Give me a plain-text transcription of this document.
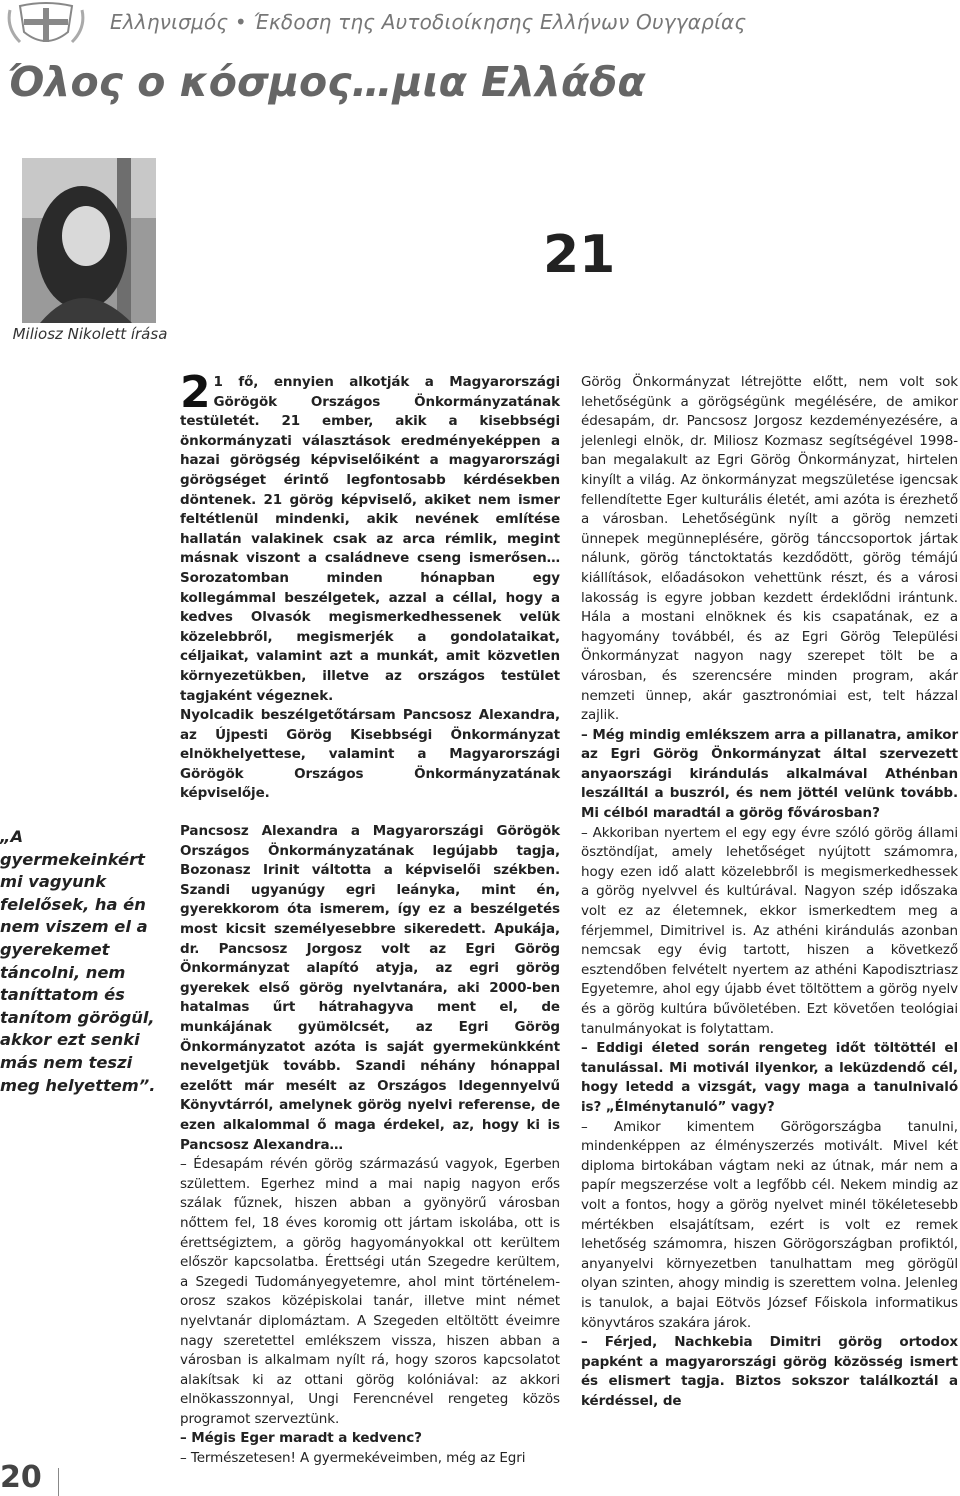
Ελληνισμός • Έκδοση της Αυτοδιοίκησης Ελλήνων Ουγγαρίας
Όλος ο κόσμος…μια Ελλάδα
Miliosz Nikolett írása
21
„A gyermekeinkért mi vagyunk felelősek, ha én nem viszem el a gyerekemet táncolni, nem taníttatom és tanítom görögül, akkor ezt senki más nem teszi meg helyettem”.

2 1 fő, ennyien alkotják a Magyarországi Görögök Országos Önkormányzatának testületét. 21 ember, akik a kisebbségi önkormányzati választások eredményeképpen a hazai görögség képviselőiként a magyarországi görögséget érintő legfontosabb kérdésekben döntenek. 21 görög képviselő, akiket nem ismer feltétlenül mindenki, akik nevének említése hallatán valakinek csak az arca rémlik, megint másnak viszont a családneve cseng ismerősen… Sorozatomban minden hónapban egy kollegámmal beszélgetek, azzal a céllal, hogy a kedves Olvasók megismerkedhessenek velük közelebbről, megismerjék a gondolataikat, céljaikat, valamint azt a munkát, amit közvetlen környezetükben, illetve az országos testület tagjaként végeznek.

Nyolcadik beszélgetőtársam Pancsosz Alexandra, az Újpesti Görög Kisebbségi Önkormányzat elnökhelyettese, valamint a Magyarországi Görögök Országos Önkormányzatának képviselője.

Pancsosz Alexandra a Magyarországi Görögök Országos Önkormányzatának legújabb tagja, Bozonasz Irinit váltotta a képviselői székben. Szandi ugyanúgy egri leányka, mint én, gyerekkorom óta ismerem, így ez a beszélgetés most kicsit személyesebbre sikeredett. Apukája, dr. Pancsosz Jorgosz volt az Egri Görög Önkormányzat alapító atyja, az egri görög gyerekek első görög nyelvtanára, aki 2000-ben hatalmas űrt hátrahagyva ment el, de munkájának gyümölcsét, az Egri Görög Önkormányzatot azóta is saját gyermekünkként nevelgetjük tovább. Szandi néhány hónappal ezelőtt már mesélt az Országos Idegennyelvű Könyvtárról, amelynek görög nyelvi referense, de ezen alkalommal ő maga érdekel, az, hogy ki is Pancsosz Alexandra…

– Édesapám révén görög származású vagyok, Egerben születtem. Egerhez mind a mai napig nagyon erős szálak fűznek, hiszen abban a gyönyörű városban nőttem fel, 18 éves koromig ott jártam iskolába, ott is érettségiztem, a görög hagyományokkal ott kerültem először kapcsolatba. Érettségi után Szegedre kerültem, a Szegedi Tudományegyetemre, ahol mint történelem-orosz szakos középiskolai tanár, illetve mint német nyelvtanár diplomáztam. A Szegeden eltöltött éveimre nagy szeretettel emlékszem vissza, hiszen abban a városban is alkalmam nyílt rá, hogy szoros kapcsolatot alakítsak ki az ottani görög kolóniával: az akkori elnökasszonnyal, Ungi Ferencnével rengeteg közös programot szerveztünk.

– Mégis Eger maradt a kedvenc?

– Természetesen! A gyermekéveimben, még az Egri

Görög Önkormányzat létrejötte előtt, nem volt sok lehetőségünk a görögségünk megélésére, de amikor édesapám, dr. Pancsosz Jorgosz kezdeményezésére, a jelenlegi elnök, dr. Miliosz Kozmasz segítségével 1998-ban megalakult az Egri Görög Önkormányzat, hirtelen kinyílt a világ. Az önkormányzat megszületése igencsak fellendítette Eger kulturális életét, ami azóta is érezhető a városban. Lehetőségünk nyílt a görög nemzeti ünnepek megünneplésére, görög tánccsoportok jártak nálunk, görög tánctoktatás kezdődött, görög témájú kiállítások, előadásokon vehettünk részt, és a városi lakosság is egyre jobban kezdett érdeklődni irántunk. Hála a mostani elnöknek és kis csapatának, ez a hagyomány továbbél, és az Egri Görög Települési Önkormányzat nagyon nagy szerepet tölt be a városban, és szerencsére minden program, akár nemzeti ünnep, akár gasztronómiai est, telt házzal zajlik.

– Még mindig emlékszem arra a pillanatra, amikor az Egri Görög Önkormányzat által szervezett anyaországi kirándulás alkalmával Athénban leszálltál a buszról, és nem jöttél velünk tovább. Mi célból maradtál a görög fővárosban?

– Akkoriban nyertem el egy egy évre szóló görög állami ösztöndíjat, amely lehetőséget nyújtott számomra, hogy ezen idő alatt közelebbről is megismerkedhessek a görög nyelvvel és kultúrával. Nagyon szép időszaka volt ez az életemnek, ekkor ismerkedtem meg a férjemmel, Dimitrivel is. Az athéni kirándulás azonban nemcsak egy évig tartott, hiszen a következő esztendőben felvételt nyertem az athéni Kapodisztriasz Egyetemre, ahol egy újabb évet töltöttem a görög nyelv és a görög kultúra bűvöletében. Ezt követően teológiai tanulmányokat is folytattam.

– Eddigi életed során rengeteg időt töltöttél el tanulással. Mi motivál ilyenkor, a leküzdendő cél, hogy letedd a vizsgát, vagy maga a tanulnivaló is? „Élménytanuló” vagy?

– Amikor kimentem Görögországba tanulni, mindenképpen az élményszerzés motivált. Mivel két diploma birtokában vágtam neki az útnak, már nem a papír megszerzése volt a legfőbb cél. Nekem mindig az volt a fontos, hogy a görög nyelvet minél tökéletesebb mértékben elsajátítsam, ezért is volt ez remek lehetőség számomra, hiszen Görögországban profiktól, anyanyelvi környezetben tanulhattam meg görögül olyan szinten, ahogy mindig is szerettem volna. Jelenleg is tanulok, a bajai Eötvös József Főiskola informatikus könyvtáros szakára járok.

– Férjed, Nachkebia Dimitri görög ortodox papként a magyarországi görög közösség ismert és elismert tagja. Biztos sokszor találkoztál a kérdéssel, de

20
